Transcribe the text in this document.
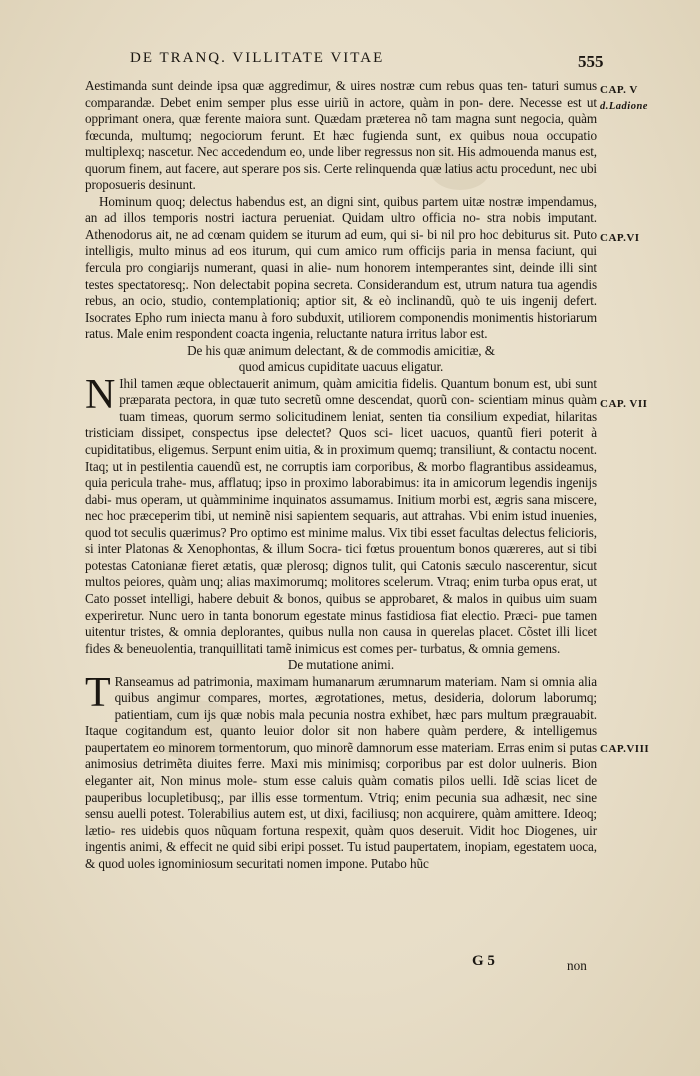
DE TRANQ. VILLITATE VITAE	555
CAP. V
d.Ladione
CAP.VI
CAP. VII
CAP.VIII

Aestimanda sunt deinde ipsa quæ aggredimur, & uires nostræ cum rebus quas ten- taturi sumus comparandæ. Debet enim semper plus esse uiriũ in actore, quàm in pon- dere. Necesse est ut opprimant onera, quæ ferente maiora sunt. Quædam præterea nõ tam magna sunt negocia, quàm fœcunda, multumq; negociorum ferunt. Et hæc fugienda sunt, ex quibus noua occupatio multiplexq; nascetur. Nec accedendum eo, unde liber regressus non sit. His admouenda manus est, quorum finem, aut facere, aut sperare pos sis. Certe relinquenda quæ latius actu procedunt, nec ubi proposueris desinunt.

Hominum quoq; delectus habendus est, an digni sint, quibus partem uitæ nostræ impendamus, an ad illos temporis nostri iactura perueniat. Quidam ultro officia no- stra nobis imputant. Athenodorus ait, ne ad cœnam quidem se iturum ad eum, qui si- bi nil pro hoc debiturus sit. Puto intelligis, multo minus ad eos iturum, qui cum amico rum officijs paria in mensa faciunt, qui fercula pro congiarijs numerant, quasi in alie- num honorem intemperantes sint, deinde illi sint testes spectatoresq;. Non delectabit popina secreta. Considerandum est, utrum natura tua agendis rebus, an ocio, studio, contemplationiq; aptior sit, & eò inclinandũ, quò te uis ingenij defert. Isocrates Epho rum iniecta manu à foro subduxit, utiliorem componendis monimentis historiarum ratus. Male enim respondent coacta ingenia, reluctante natura irritus labor est.

De his quæ animum delectant, & de commodis amicitiæ, &

quod amicus cupiditate uacuus eligatur.

N Ihil tamen æque oblectauerit animum, quàm amicitia fidelis. Quantum bonum est, ubi sunt præparata pectora, in quæ tuto secretũ omne descendat, quorũ con- scientiam minus quàm tuam timeas, quorum sermo solicitudinem leniat, senten tia consilium expediat, hilaritas tristiciam dissipet, conspectus ipse delectet? Quos sci- licet uacuos, quantũ fieri poterit à cupiditatibus, eligemus. Serpunt enim uitia, & in proximum quemq; transiliunt, & contactu nocent. Itaq; ut in pestilentia cauendũ est, ne corruptis iam corporibus, & morbo flagrantibus assideamus, quia pericula trahe- mus, afflatuq; ipso in proximo laborabimus: ita in amicorum legendis ingenijs dabi- mus operam, ut quàmminime inquinatos assumamus. Initium morbi est, ægris sana miscere, nec hoc præceperim tibi, ut neminẽ nisi sapientem sequaris, aut attrahas. Vbi enim istud inuenies, quod tot seculis quærimus? Pro optimo est minime malus. Vix tibi esset facultas delectus felicioris, si inter Platonas & Xenophontas, & illum Socra- tici fœtus prouentum bonos quæreres, aut si tibi potestas Catonianæ fieret ætatis, quæ plerosq; dignos tulit, qui Catonis sæculo nascerentur, sicut multos peiores, quàm unq; alias maximorumq; molitores scelerum. Vtraq; enim turba opus erat, ut Cato posset intelligi, habere debuit & bonos, quibus se approbaret, & malos in quibus uim suam experiretur. Nunc uero in tanta bonorum egestate minus fastidiosa fiat electio. Præci- pue tamen uitentur tristes, & omnia deplorantes, quibus nulla non causa in querelas placet. Cõstet illi licet fides & beneuolentia, tranquillitati tamẽ inimicus est comes per- turbatus, & omnia gemens.

De mutatione animi.

T Ranseamus ad patrimonia, maximam humanarum ærumnarum materiam. Nam si omnia alia quibus angimur compares, mortes, ægrotationes, metus, desideria, dolorum laborumq; patientiam, cum ijs quæ nobis mala pecunia nostra exhibet, hæc pars multum prægrauabit. Itaque cogitandum est, quanto leuior dolor sit non habere quàm perdere, & intelligemus paupertatem eo minorem tormentorum, quo minorẽ damnorum esse materiam. Erras enim si putas animosius detrimẽta diuites ferre. Maxi mis minimisq; corporibus par est dolor uulneris. Bion eleganter ait, Non minus mole- stum esse caluis quàm comatis pilos uelli. Idẽ scias licet de pauperibus locupletibusq;, par illis esse tormentum. Vtriq; enim pecunia sua adhæsit, nec sine sensu auelli potest. Tolerabilius autem est, ut dixi, faciliusq; non acquirere, quàm amittere. Ideoq; lætio- res uidebis quos nũquam fortuna respexit, quàm quos deseruit. Vidit hoc Diogenes, uir ingentis animi, & effecit ne quid sibi eripi posset. Tu istud paupertatem, inopiam, egestatem uoca, & quod uoles ignominiosum securitati nomen impone. Putabo hũc

G 5	non
